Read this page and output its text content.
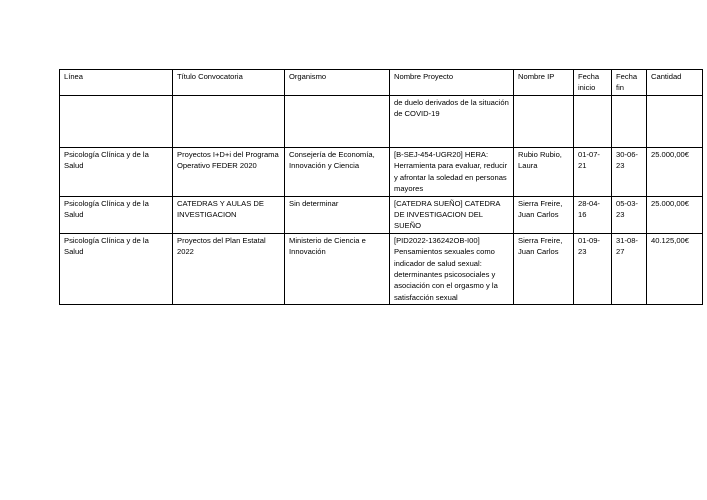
Línea	Título Convocatoria	Organismo	Nombre Proyecto	Nombre IP	Fecha inicio	Fecha fin	Cantidad
			de duelo derivados de la situación de COVID-19				
Psicología Clínica y de la Salud	Proyectos I+D+i del Programa Operativo FEDER 2020	Consejería de Economía, Innovación y Ciencia	[B-SEJ-454-UGR20] HERA: Herramienta para evaluar, reducir y afrontar la soledad en personas mayores	Rubio Rubio, Laura	01-07-21	30-06-23	25.000,00€
Psicología Clínica y de la Salud	CATEDRAS Y AULAS DE INVESTIGACION	Sin determinar	[CATEDRA SUEÑO] CATEDRA DE INVESTIGACION DEL SUEÑO	Sierra Freire, Juan Carlos	28-04-16	05-03-23	25.000,00€
Psicología Clínica y de la Salud	Proyectos del Plan Estatal 2022	Ministerio de Ciencia e Innovación	[PID2022-136242OB-I00] Pensamientos sexuales como indicador de salud sexual: determinantes psicosociales y asociación con el orgasmo y la satisfacción sexual	Sierra Freire, Juan Carlos	01-09-23	31-08-27	40.125,00€
